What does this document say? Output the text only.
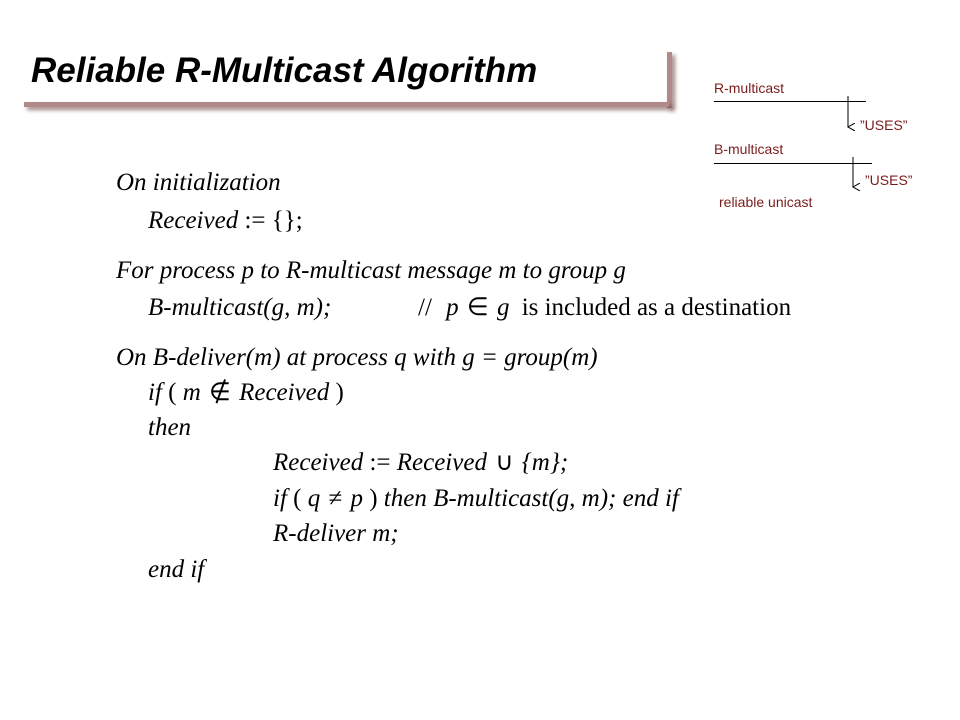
Reliable R-Multicast Algorithm	R-multicast
B-multicast
reliable unicast
”USES”
”USES”
On initialization
Received := {};
For process p to R-multicast message m to group g
B-multicast(g, m);	// p ∈ g is included as a destination
On B-deliver(m) at process q with g = group(m)
if ( m ∉ Received )
then
Received := Received ∪ {m};
if ( q ≠ p ) then B-multicast(g, m); end if
R-deliver m;
end if
